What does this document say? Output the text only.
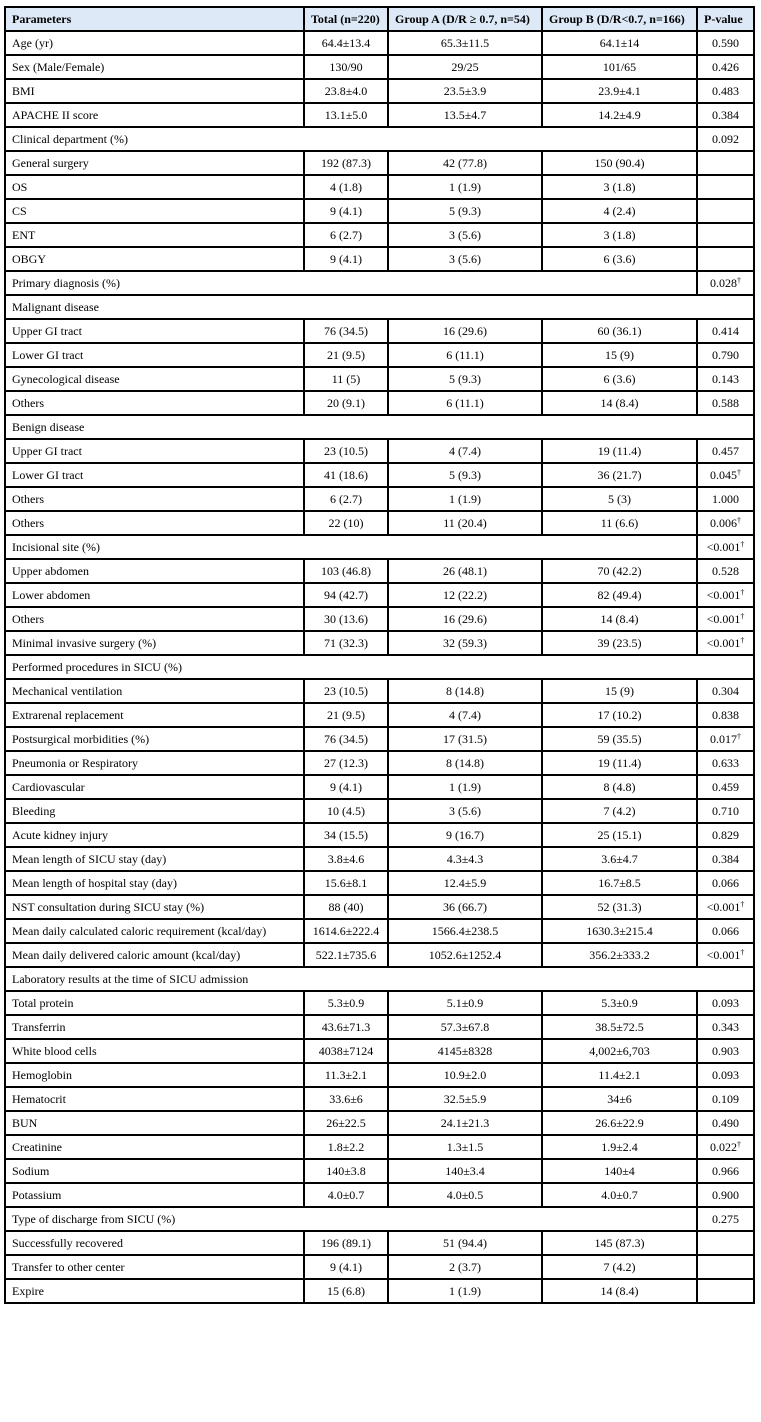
Parameters	Total (n=220)	Group A (D/R ≥ 0.7, n=54)	Group B (D/R<0.7, n=166)	P-value
Age (yr)	64.4±13.4	65.3±11.5	64.1±14	0.590
Sex (Male/Female)	130/90	29/25	101/65	0.426
BMI	23.8±4.0	23.5±3.9	23.9±4.1	0.483
APACHE II score	13.1±5.0	13.5±4.7	14.2±4.9	0.384
Clinical department (%)				0.092
General surgery	192 (87.3)	42 (77.8)	150 (90.4)	
OS	4 (1.8)	1 (1.9)	3 (1.8)	
CS	9 (4.1)	5 (9.3)	4 (2.4)	
ENT	6 (2.7)	3 (5.6)	3 (1.8)	
OBGY	9 (4.1)	3 (5.6)	6 (3.6)	
Primary diagnosis (%)				0.028†
Malignant disease				
Upper GI tract	76 (34.5)	16 (29.6)	60 (36.1)	0.414
Lower GI tract	21 (9.5)	6 (11.1)	15 (9)	0.790
Gynecological disease	11 (5)	5 (9.3)	6 (3.6)	0.143
Others	20 (9.1)	6 (11.1)	14 (8.4)	0.588
Benign disease				
Upper GI tract	23 (10.5)	4 (7.4)	19 (11.4)	0.457
Lower GI tract	41 (18.6)	5 (9.3)	36 (21.7)	0.045†
Others	6 (2.7)	1 (1.9)	5 (3)	1.000
Others	22 (10)	11 (20.4)	11 (6.6)	0.006†
Incisional site (%)				<0.001†
Upper abdomen	103 (46.8)	26 (48.1)	70 (42.2)	0.528
Lower abdomen	94 (42.7)	12 (22.2)	82 (49.4)	<0.001†
Others	30 (13.6)	16 (29.6)	14 (8.4)	<0.001†
Minimal invasive surgery (%)	71 (32.3)	32 (59.3)	39 (23.5)	<0.001†
Performed procedures in SICU (%)				
Mechanical ventilation	23 (10.5)	8 (14.8)	15 (9)	0.304
Extrarenal replacement	21 (9.5)	4 (7.4)	17 (10.2)	0.838
Postsurgical morbidities (%)	76 (34.5)	17 (31.5)	59 (35.5)	0.017†
Pneumonia or Respiratory	27 (12.3)	8 (14.8)	19 (11.4)	0.633
Cardiovascular	9 (4.1)	1 (1.9)	8 (4.8)	0.459
Bleeding	10 (4.5)	3 (5.6)	7 (4.2)	0.710
Acute kidney injury	34 (15.5)	9 (16.7)	25 (15.1)	0.829
Mean length of SICU stay (day)	3.8±4.6	4.3±4.3	3.6±4.7	0.384
Mean length of hospital stay (day)	15.6±8.1	12.4±5.9	16.7±8.5	0.066
NST consultation during SICU stay (%)	88 (40)	36 (66.7)	52 (31.3)	<0.001†
Mean daily calculated caloric requirement (kcal/day)	1614.6±222.4	1566.4±238.5	1630.3±215.4	0.066
Mean daily delivered caloric amount (kcal/day)	522.1±735.6	1052.6±1252.4	356.2±333.2	<0.001†
Laboratory results at the time of SICU admission				
Total protein	5.3±0.9	5.1±0.9	5.3±0.9	0.093
Transferrin	43.6±71.3	57.3±67.8	38.5±72.5	0.343
White blood cells	4038±7124	4145±8328	4,002±6,703	0.903
Hemoglobin	11.3±2.1	10.9±2.0	11.4±2.1	0.093
Hematocrit	33.6±6	32.5±5.9	34±6	0.109
BUN	26±22.5	24.1±21.3	26.6±22.9	0.490
Creatinine	1.8±2.2	1.3±1.5	1.9±2.4	0.022†
Sodium	140±3.8	140±3.4	140±4	0.966
Potassium	4.0±0.7	4.0±0.5	4.0±0.7	0.900
Type of discharge from SICU (%)				0.275
Successfully recovered	196 (89.1)	51 (94.4)	145 (87.3)	
Transfer to other center	9 (4.1)	2 (3.7)	7 (4.2)	
Expire	15 (6.8)	1 (1.9)	14 (8.4)	
